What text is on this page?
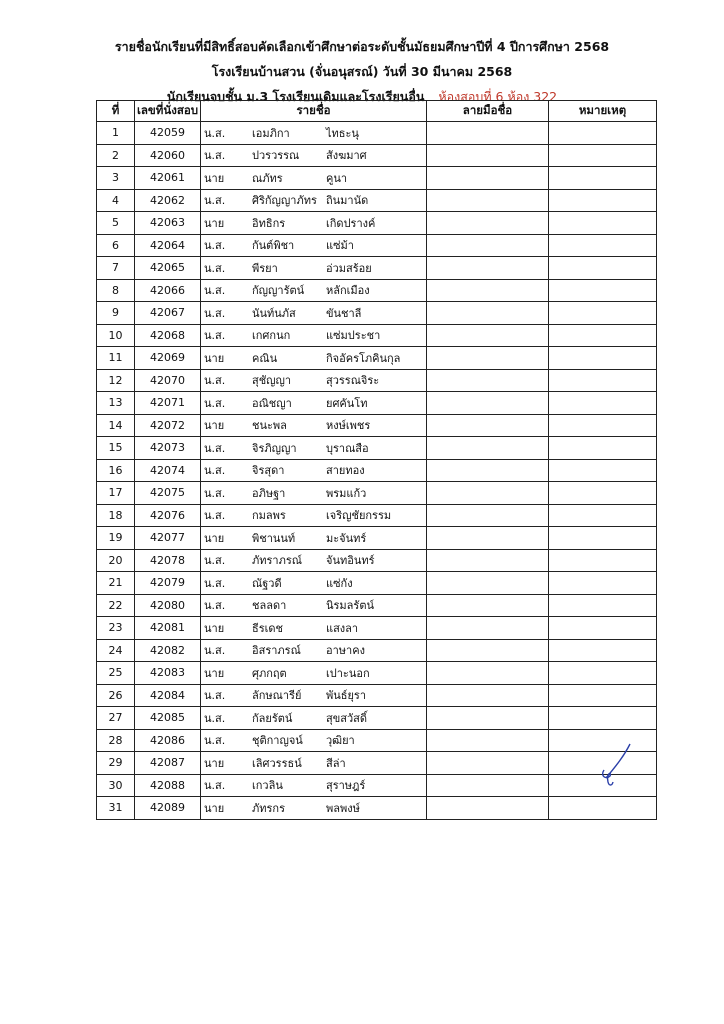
รายชื่อนักเรียนที่มีสิทธิ์สอบคัดเลือกเข้าศึกษาต่อระดับชั้นมัธยมศึกษาปีที่ 4 ปีการศึกษา 2568
โรงเรียนบ้านสวน (จั่นอนุสรณ์) วันที่ 30 มีนาคม 2568
นักเรียนจบชั้น ม.3 โรงเรียนเดิมและโรงเรียนอื่น ห้องสอบที่ 6 ห้อง 322
ที่	เลขที่นั่งสอบ	รายชื่อ	ลายมือชื่อ	หมายเหตุ
1	42059	น.ส. เอมภิกา ไทธะนุ		
2	42060	น.ส. ปวรวรรณ สังฆมาศ		
3	42061	นาย ณภัทร คูนา		
4	42062	น.ส. ศิริกัญญาภัทร ถินมานัด		
5	42063	นาย อิทธิกร เกิดปรางค์		
6	42064	น.ส. กันต์พิชา แซ่ม้า		
7	42065	น.ส. พีรยา อ่วมสร้อย		
8	42066	น.ส. กัญญารัตน์ หลักเมือง		
9	42067	น.ส. นันท์นภัส ขันชาลี		
10	42068	น.ส. เกศกนก แซ่มประชา		
11	42069	นาย คณิน กิจอัครโภคินกุล		
12	42070	น.ส. สุชัญญา สุวรรณจิระ		
13	42071	น.ส. อณิชญา ยศคันโท		
14	42072	นาย ชนะพล หงษ์เพชร		
15	42073	น.ส. จิรภิญญา บุราณสือ		
16	42074	น.ส. จิรสุดา สายทอง		
17	42075	น.ส. อภิษฐา พรมแก้ว		
18	42076	น.ส. กมลพร เจริญชัยกรรม		
19	42077	นาย พิชานนท์ มะจันทร์		
20	42078	น.ส. ภัทราภรณ์ จันทอินทร์		
21	42079	น.ส. ณัฐวดี แซ่กัง		
22	42080	น.ส. ชลลดา นิรมลรัตน์		
23	42081	นาย ธีรเดช แสงลา		
24	42082	น.ส. อิสราภรณ์ อาษาคง		
25	42083	นาย ศุภกฤต เปาะนอก		
26	42084	น.ส. ลักษณารีย์ พันธ์ยุรา		
27	42085	น.ส. กัลยรัตน์ สุขสวัสดิ์		
28	42086	น.ส. ชุติกาญจน์ วุฒิยา		
29	42087	นาย เลิศวรรธน์ สีล่า		
30	42088	น.ส. เกวลิน สุราษฎร์		
31	42089	นาย ภัทรกร พลพงษ์		
